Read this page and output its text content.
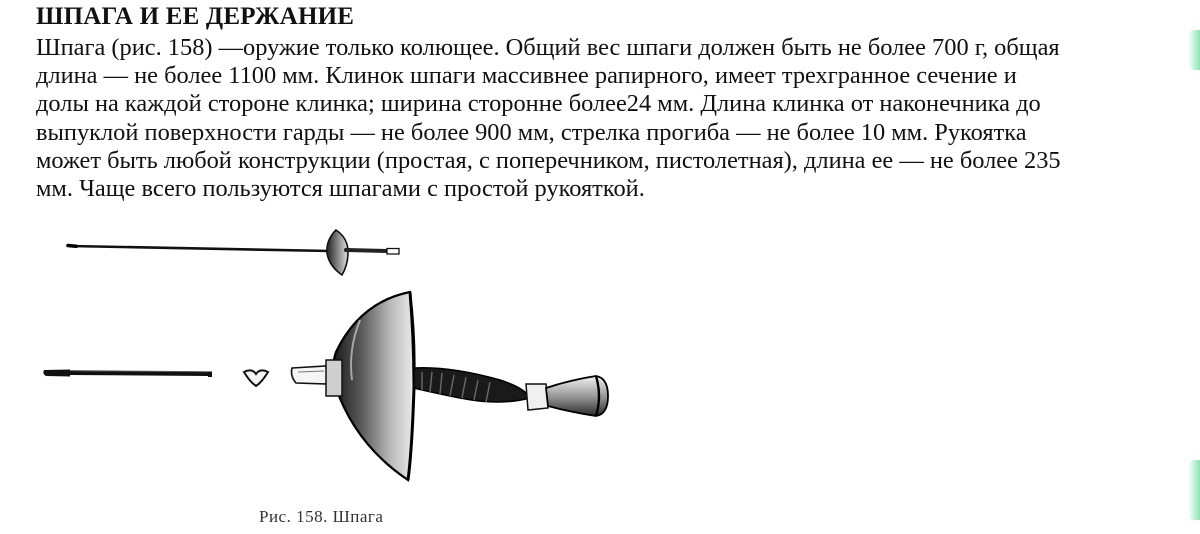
ШПАГА И ЕЕ ДЕРЖАНИЕ
Шпага (рис. 158) —оружие только колющее. Общий вес шпаги должен быть не более 700 г, общая
длина — не более 1100 мм. Клинок шпаги массивнее рапирного, имеет трехгранное сечение и
долы на каждой стороне клинка; ширина сторонне более24 мм. Длина клинка от наконечника до
выпуклой поверхности гарды — не более 900 мм, стрелка прогиба — не более 10 мм. Рукоятка
может быть любой конструкции (простая, с поперечником, пистолетная), длина ее — не более 235
мм. Чаще всего пользуются шпагами с простой рукояткой.

Рис. 158. Шпага
